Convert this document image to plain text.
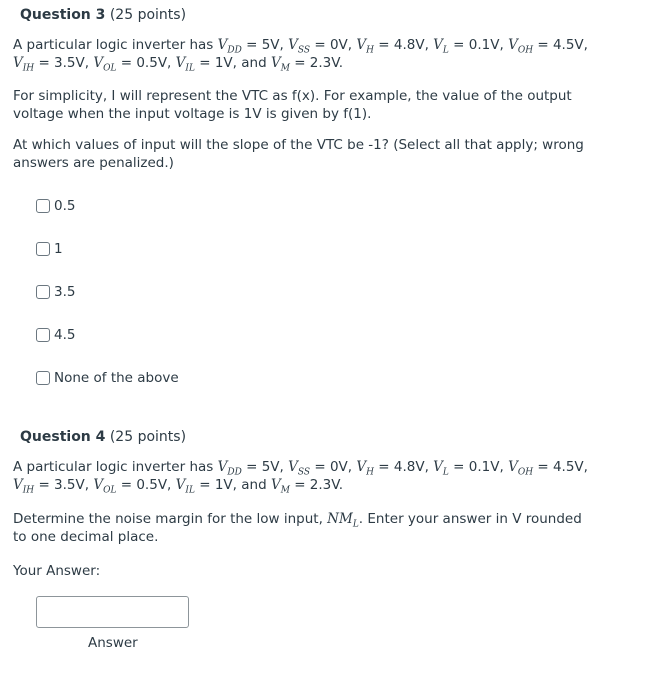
Question 3 (25 points)

A particular logic inverter has $V_{DD} = 5V$, $V_{SS} = 0V$, $V_H = 4.8V$, $V_L = 0.1V$, $V_{OH} = 4.5V$,

$V_{IH} = 3.5V$, $V_{OL} = 0.5V$, $V_{IL} = 1V$, and $V_M = 2.3V$.

For simplicity, I will represent the VTC as f(x). For example, the value of the output

voltage when the input voltage is 1V is given by f(1).

At which values of input will the slope of the VTC be -1? (Select all that apply; wrong

answers are penalized.)

0.5
1
3.5
4.5
None of the above
Question 4 (25 points)

A particular logic inverter has $V_{DD} = 5V$, $V_{SS} = 0V$, $V_H = 4.8V$, $V_L = 0.1V$, $V_{OH} = 4.5V$,

$V_{IH} = 3.5V$, $V_{OL} = 0.5V$, $V_{IL} = 1V$, and $V_M = 2.3V$.

Determine the noise margin for the low input, $NM_L$. Enter your answer in V rounded

to one decimal place.

Your Answer:

Answer
